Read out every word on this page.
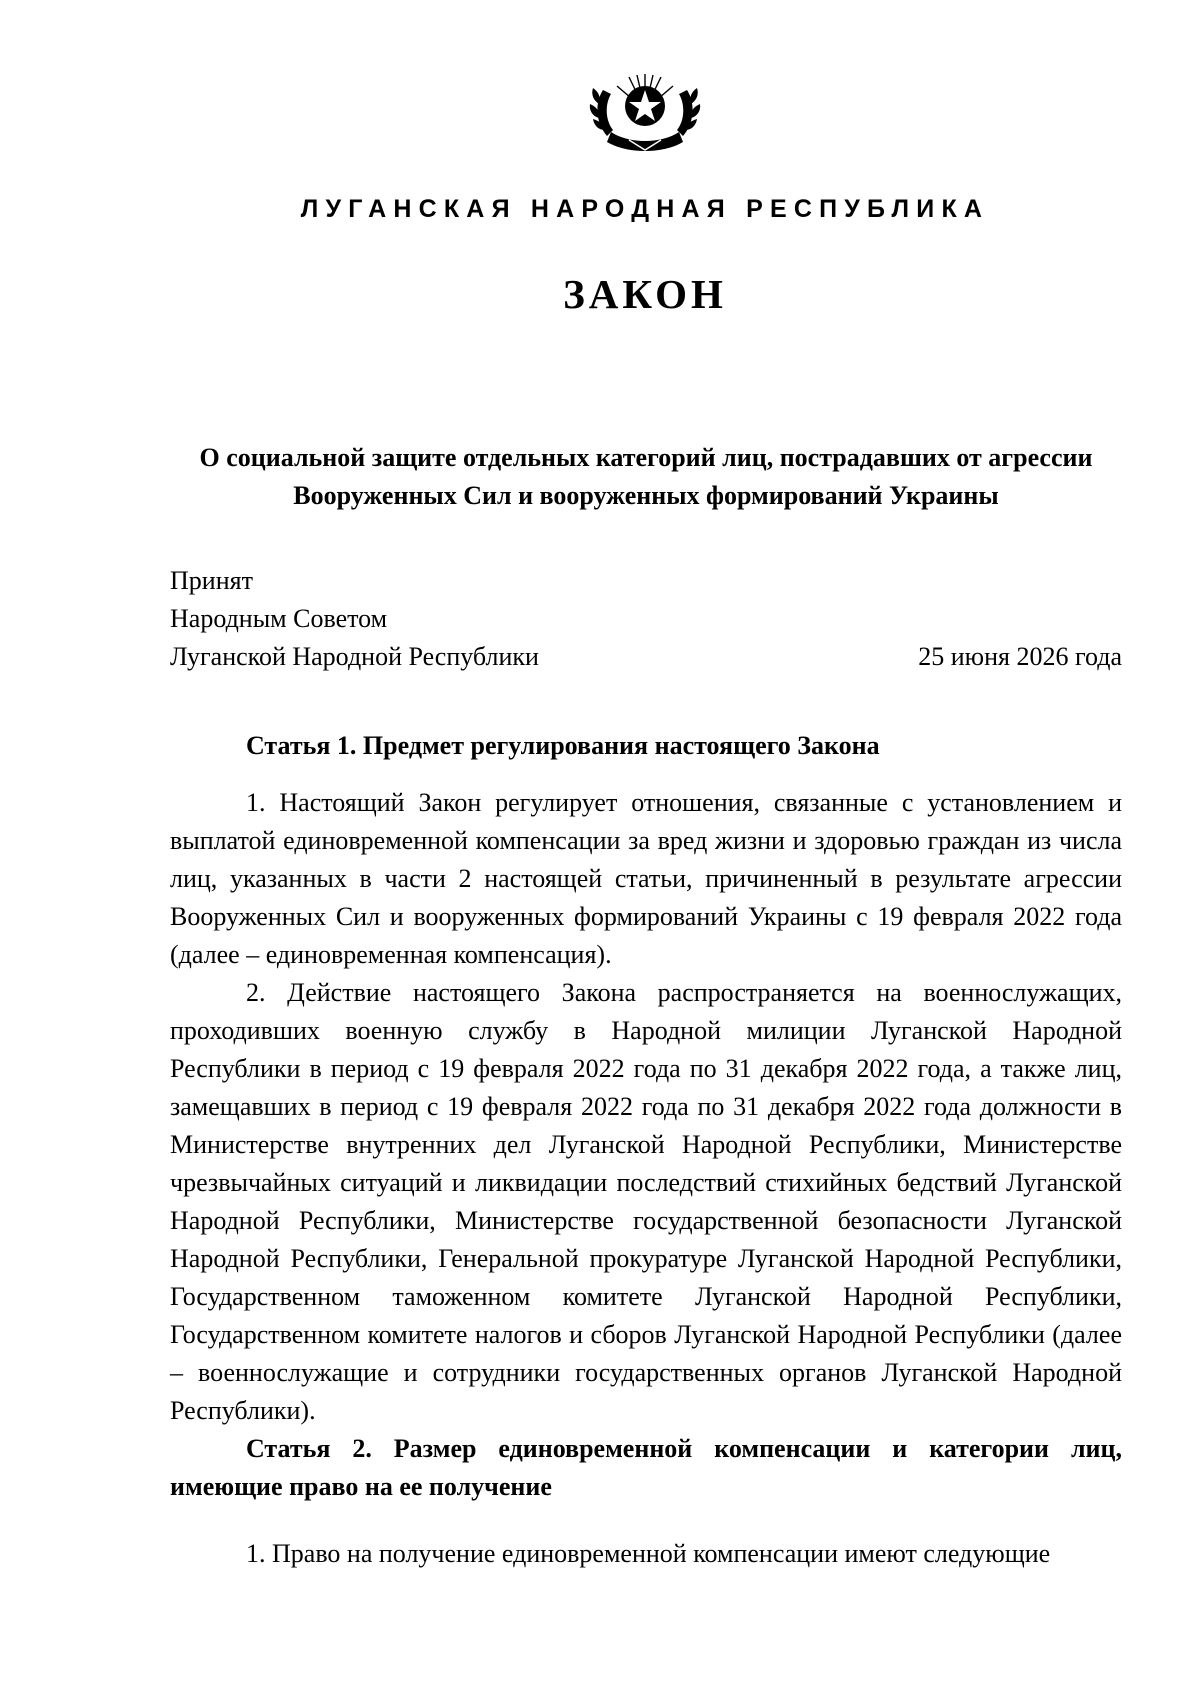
ЛУГАНСКАЯ НАРОДНАЯ РЕСПУБЛИКА
ЗАКОН
О социальной защите отдельных категорий лиц, пострадавших от агрессии Вооруженных Сил и вооруженных формирований Украины
Принят
Народным Советом
Луганской Народной Республики	25 июня 2026 года
Статья 1. Предмет регулирования настоящего Закона

1. Настоящий Закон регулирует отношения, связанные с установлением и выплатой единовременной компенсации за вред жизни и здоровью граждан из числа лиц, указанных в части 2 настоящей статьи, причиненный в результате агрессии Вооруженных Сил и вооруженных формирований Украины с 19 февраля 2022 года (далее – единовременная компенсация).

2. Действие настоящего Закона распространяется на военнослужащих, проходивших военную службу в Народной милиции Луганской Народной Республики в период с 19 февраля 2022 года по 31 декабря 2022 года, а также лиц, замещавших в период с 19 февраля 2022 года по 31 декабря 2022 года должности в Министерстве внутренних дел Луганской Народной Республики, Министерстве чрезвычайных ситуаций и ликвидации последствий стихийных бедствий Луганской Народной Республики, Министерстве государственной безопасности Луганской Народной Республики, Генеральной прокуратуре Луганской Народной Республики, Государственном таможенном комитете Луганской Народной Республики, Государственном комитете налогов и сборов Луганской Народной Республики (далее – военнослужащие и сотрудники государственных органов Луганской Народной Республики).

Статья 2. Размер единовременной компенсации и категории лиц, имеющие право на ее получение

1. Право на получение единовременной компенсации имеют следующие
